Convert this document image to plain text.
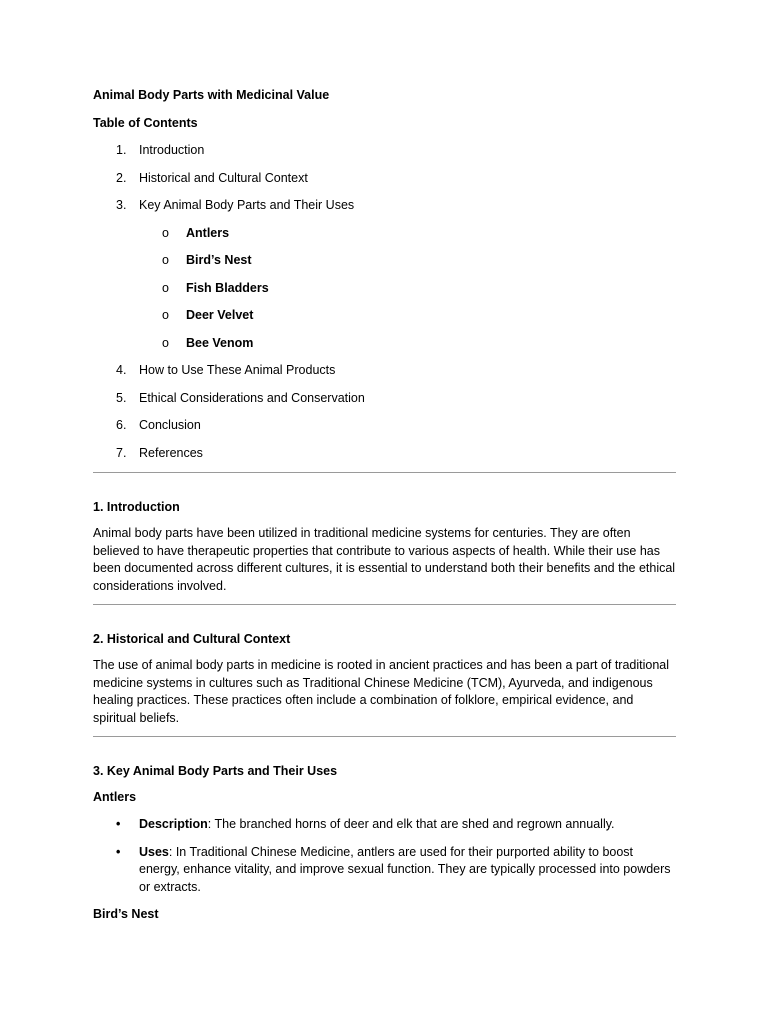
Animal Body Parts with Medicinal Value
Table of Contents
1. Introduction
2. Historical and Cultural Context
3. Key Animal Body Parts and Their Uses
o Antlers
o Bird’s Nest
o Fish Bladders
o Deer Velvet
o Bee Venom
4. How to Use These Animal Products
5. Ethical Considerations and Conservation
6. Conclusion
7. References
1. Introduction

Animal body parts have been utilized in traditional medicine systems for centuries. They are often believed to have therapeutic properties that contribute to various aspects of health. While their use has been documented across different cultures, it is essential to understand both their benefits and the ethical considerations involved.

2. Historical and Cultural Context

The use of animal body parts in medicine is rooted in ancient practices and has been a part of traditional medicine systems in cultures such as Traditional Chinese Medicine (TCM), Ayurveda, and indigenous healing practices. These practices often include a combination of folklore, empirical evidence, and spiritual beliefs.

3. Key Animal Body Parts and Their Uses
Antlers
• Description: The branched horns of deer and elk that are shed and regrown annually.
• Uses: In Traditional Chinese Medicine, antlers are used for their purported ability to boost energy, enhance vitality, and improve sexual function. They are typically processed into powders or extracts.
Bird’s Nest
